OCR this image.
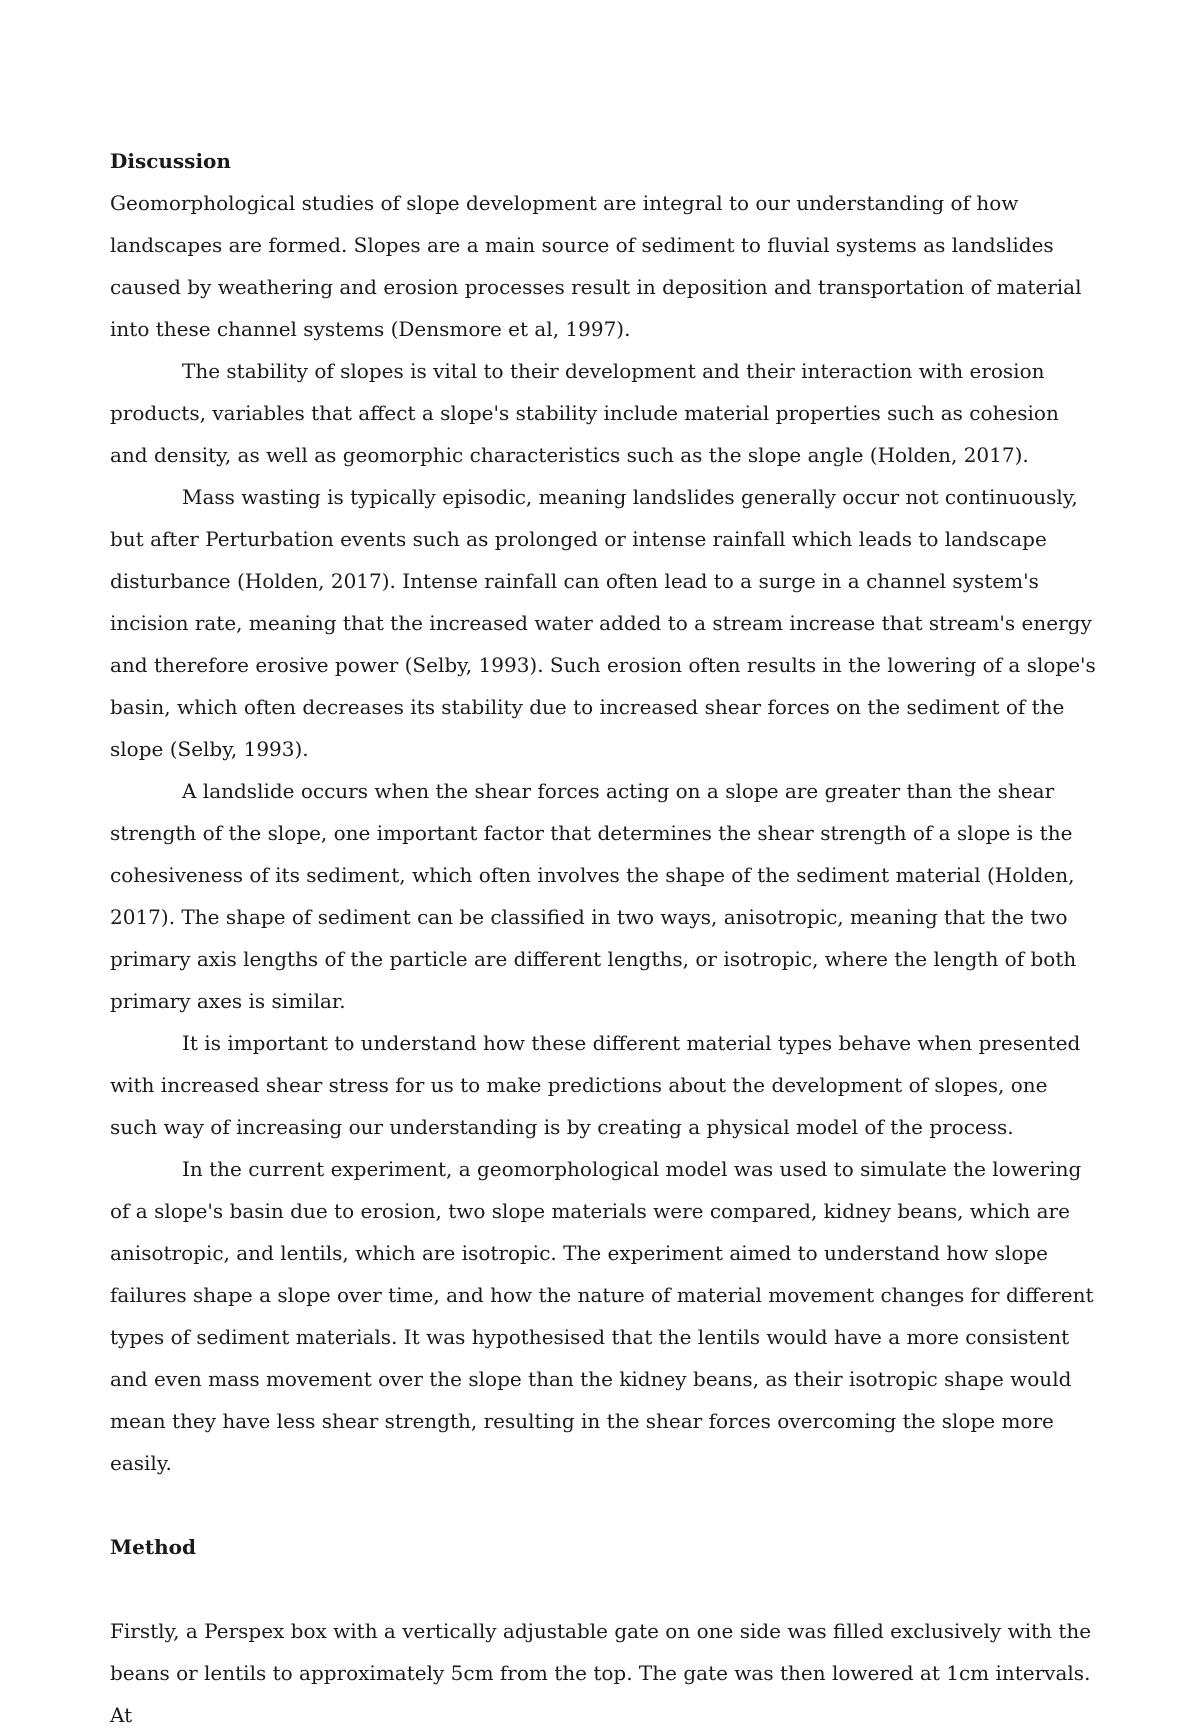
Discussion

Geomorphological studies of slope development are integral to our understanding of how landscapes are formed. Slopes are a main source of sediment to fluvial systems as landslides caused by weathering and erosion processes result in deposition and transportation of material into these channel systems (Densmore et al, 1997).

The stability of slopes is vital to their development and their interaction with erosion products, variables that affect a slope's stability include material properties such as cohesion and density, as well as geomorphic characteristics such as the slope angle (Holden, 2017).

Mass wasting is typically episodic, meaning landslides generally occur not continuously, but after Perturbation events such as prolonged or intense rainfall which leads to landscape disturbance (Holden, 2017). Intense rainfall can often lead to a surge in a channel system's incision rate, meaning that the increased water added to a stream increase that stream's energy and therefore erosive power (Selby, 1993). Such erosion often results in the lowering of a slope's basin, which often decreases its stability due to increased shear forces on the sediment of the slope (Selby, 1993).

A landslide occurs when the shear forces acting on a slope are greater than the shear strength of the slope, one important factor that determines the shear strength of a slope is the cohesiveness of its sediment, which often involves the shape of the sediment material (Holden, 2017). The shape of sediment can be classified in two ways, anisotropic, meaning that the two primary axis lengths of the particle are different lengths, or isotropic, where the length of both primary axes is similar.

It is important to understand how these different material types behave when presented with increased shear stress for us to make predictions about the development of slopes, one such way of increasing our understanding is by creating a physical model of the process.

In the current experiment, a geomorphological model was used to simulate the lowering of a slope's basin due to erosion, two slope materials were compared, kidney beans, which are anisotropic, and lentils, which are isotropic. The experiment aimed to understand how slope failures shape a slope over time, and how the nature of material movement changes for different types of sediment materials. It was hypothesised that the lentils would have a more consistent and even mass movement over the slope than the kidney beans, as their isotropic shape would mean they have less shear strength, resulting in the shear forces overcoming the slope more easily.

Method

Firstly, a Perspex box with a vertically adjustable gate on one side was filled exclusively with the beans or lentils to approximately 5cm from the top. The gate was then lowered at 1cm intervals. At
